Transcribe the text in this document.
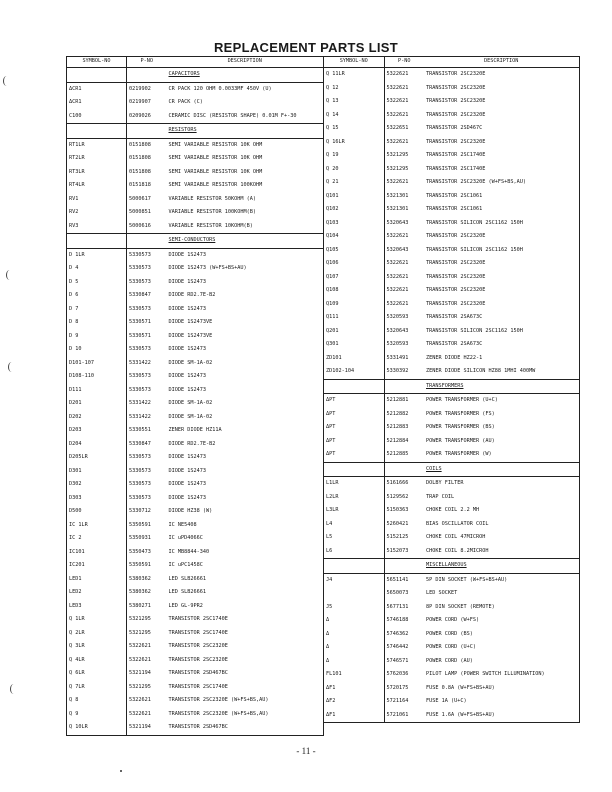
REPLACEMENT PARTS LIST
SYMBOL-NO	P-NO	DESCRIPTION
		CAPACITORS
ΔCR1	0219902	CR PACK 120 OHM 0.0033MF 450V (U)
ΔCR1	0219907	CR PACK (C)
C100	0209026	CERAMIC DISC (RESISTOR SHAPE) 0.01M F+-30
		RESISTORS
RT1LR	0151808	SEMI VARIABLE RESISTOR 10K OHM
RT2LR	0151808	SEMI VARIABLE RESISTOR 10K OHM
RT3LR	0151808	SEMI VARIABLE RESISTOR 10K OHM
RT4LR	0151818	SEMI VARIABLE RESISTOR 100KOHM
RV1	5000617	VARIABLE RESISTOR 50KOHM (A)
RV2	5000851	VARIABLE RESISTOR 100KOHM(B)
RV3	5000616	VARIABLE RESISTOR 10KOHM(B)
		SEMI-CONDUCTORS
D 1LR	5330573	DIODE 1S2473
D 4	5330573	DIODE 1S2473 (W+FS+BS+AU)
D 5	5330573	DIODE 1S2473
D 6	5330847	DIODE RD2.7E-B2
D 7	5330573	DIODE 1S2473
D 8	5330571	DIODE 1S2473VE
D 9	5330571	DIODE 1S2473VE
D 10	5330573	DIODE 1S2473
D101-107	5331422	DIODE SM-1A-02
D108-110	5330573	DIODE 1S2473
D111	5330573	DIODE 1S2473
D201	5331422	DIODE SM-1A-02
D202	5331422	DIODE SM-1A-02
D203	5330551	ZENER DIODE HZ11A
D204	5330847	DIODE RD2.7E-B2
D205LR	5330573	DIODE 1S2473
D301	5330573	DIODE 1S2473
D302	5330573	DIODE 1S2473
D303	5330573	DIODE 1S2473
D500	5330712	DIODE HZ38 (W)
IC 1LR	5350591	IC NE5408
IC 2	5350931	IC uPD4066C
IC101	5350473	IC MB8844-340
IC201	5350591	IC uPC1458C
LED1	5380362	LED SLB26661
LED2	5380362	LED SLB26661
LED3	5380271	LED GL-9PR2
Q 1LR	5321295	TRANSISTOR 2SC1740E
Q 2LR	5321295	TRANSISTOR 2SC1740E
Q 3LR	5322621	TRANSISTOR 2SC2320E
Q 4LR	5322621	TRANSISTOR 2SC2320E
Q 6LR	5321194	TRANSISTOR 2SD467BC
Q 7LR	5321295	TRANSISTOR 2SC1740E
Q 8	5322621	TRANSISTOR 2SC2320E (W+FS+BS,AU)
Q 9	5322621	TRANSISTOR 2SC2320E (W+FS+BS,AU)
Q 10LR	5321194	TRANSISTOR 2SD467BC
SYMBOL-NO	P-NO	DESCRIPTION
Q 11LR	5322621	TRANSISTOR 2SC2320E
Q 12	5322621	TRANSISTOR 2SC2320E
Q 13	5322621	TRANSISTOR 2SC2320E
Q 14	5322621	TRANSISTOR 2SC2320E
Q 15	5322651	TRANSISTOR 2SD467C
Q 16LR	5322621	TRANSISTOR 2SC2320E
Q 19	5321295	TRANSISTOR 2SC1740E
Q 20	5321295	TRANSISTOR 2SC1740E
Q 21	5322621	TRANSISTOR 2SC2320E (W+FS+BS,AU)
Q101	5321301	TRANSISTOR 2SC1061
Q102	5321301	TRANSISTOR 2SC1061
Q103	5320643	TRANSISTOR SILICON 2SC1162 150H
Q104	5322621	TRANSISTOR 2SC2320E
Q105	5320643	TRANSISTOR SILICON 2SC1162 150H
Q106	5322621	TRANSISTOR 2SC2320E
Q107	5322621	TRANSISTOR 2SC2320E
Q108	5322621	TRANSISTOR 2SC2320E
Q109	5322621	TRANSISTOR 2SC2320E
Q111	5320593	TRANSISTOR 2SA673C
Q201	5320643	TRANSISTOR SILICON 2SC1162 150H
Q301	5320593	TRANSISTOR 2SA673C
ZD101	5331491	ZENER DIODE HZ22-1
ZD102-104	5330392	ZENER DIODE SILICON HZ88 1MHI 400MW
		TRANSFORMERS
ΔPT	5212881	POWER TRANSFORMER (U+C)
ΔPT	5212882	POWER TRANSFORMER (FS)
ΔPT	5212883	POWER TRANSFORMER (BS)
ΔPT	5212884	POWER TRANSFORMER (AU)
ΔPT	5212885	POWER TRANSFORMER (W)
		COILS
L1LR	5161666	DOLBY FILTER
L2LR	5129562	TRAP COIL
L3LR	5150363	CHOKE COIL 2.2 MH
L4	5260421	BIAS OSCILLATOR COIL
L5	5152125	CHOKE COIL 47MICROH
L6	5152073	CHOKE COIL 8.2MICROH
		MISCELLANEOUS
J4	5651141	5P DIN SOCKET (W+FS+BS+AU)
	5650073	LED SOCKET
J5	5677131	8P DIN SOCKET (REMOTE)
Δ	5746188	POWER CORD (W+FS)
Δ	5746362	POWER CORD (BS)
Δ	5746442	POWER CORD (U+C)
Δ	5746571	POWER CORD (AU)
FL101	5762036	PILOT LAMP (POWER SWITCH ILLUMINATION)
ΔF1	5720175	FUSE 0.8A (W+FS+BS+AU)
ΔF2	5721164	FUSE 1A (U+C)
ΔF1	5721061	FUSE 1.6A (W+FS+BS+AU)
- 11 -
